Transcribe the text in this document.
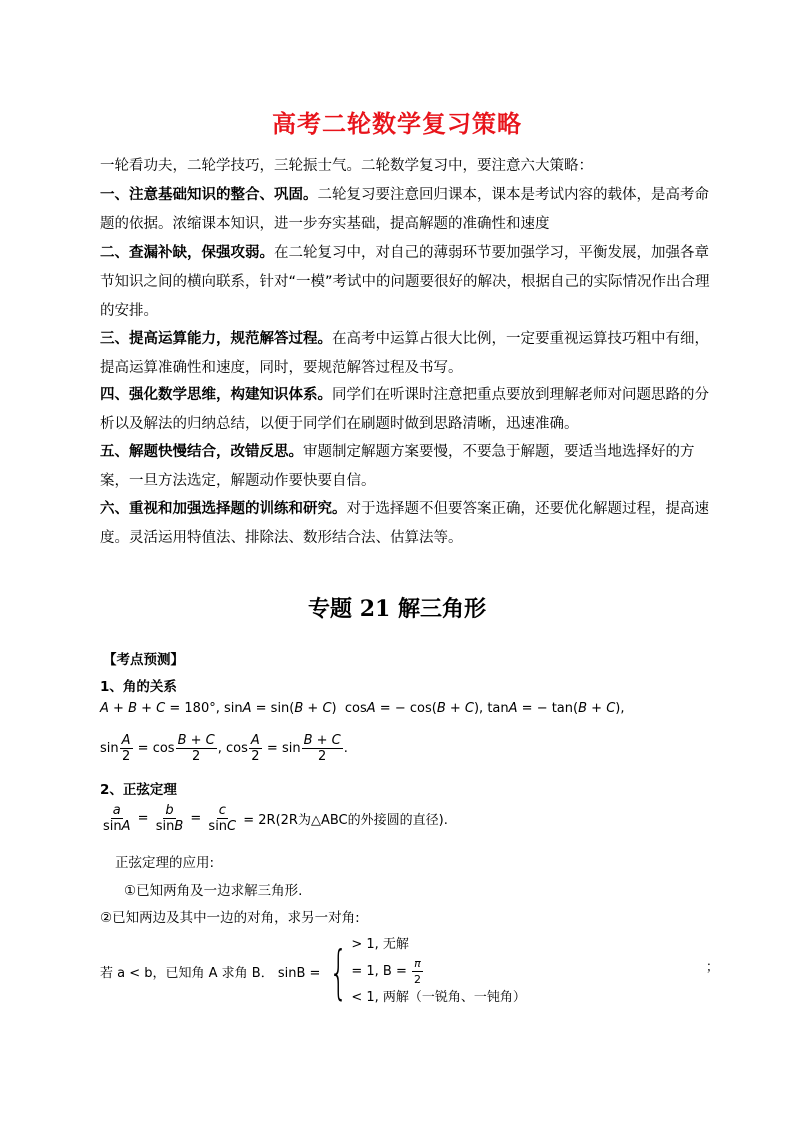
高考二轮数学复习策略
一轮看功夫，二轮学技巧，三轮振士气。二轮数学复习中，要注意六大策略：
一、注意基础知识的整合、巩固。二轮复习要注意回归课本，课本是考试内容的载体，是高考命题的依据。浓缩课本知识，进一步夯实基础，提高解题的准确性和速度
二、查漏补缺，保强攻弱。在二轮复习中，对自己的薄弱环节要加强学习，平衡发展，加强各章节知识之间的横向联系，针对“一模”考试中的问题要很好的解决，根据自己的实际情况作出合理的安排。
三、提高运算能力，规范解答过程。在高考中运算占很大比例，一定要重视运算技巧粗中有细，提高运算准确性和速度，同时，要规范解答过程及书写。
四、强化数学思维，构建知识体系。同学们在听课时注意把重点要放到理解老师对问题思路的分析以及解法的归纳总结，以便于同学们在刷题时做到思路清晰，迅速准确。
五、解题快慢结合，改错反思。审题制定解题方案要慢，不要急于解题，要适当地选择好的方案，一旦方法选定，解题动作要快要自信。
六、重视和加强选择题的训练和研究。对于选择题不但要答案正确，还要优化解题过程，提高速度。灵活运用特值法、排除法、数形结合法、估算法等。
专题 21 解三角形
【考点预测】
1、角的关系
A + B + C = 180°, sin A = sin( B + C )  cos A = − cos( B + C ), tan A = − tan( B + C ),
$\sin \frac{A}{2} = \cos \frac{B + C}{2}$ , $\cos \frac{A}{2} = \sin \frac{B + C}{2}$ .
2、正弦定理
$\frac{a}{\sin A} = \frac{b}{\sin B} = \frac{c}{\sin C}$
= 2R(2R为△ABC的外接圆的直径).
正弦定理的应用:
①已知两角及一边求解三角形.
②已知两边及其中一边的对角，求另一对角:
若 a < b，已知角 A 求角 B． sinB = { > 1, 无解
= 1, B =
$\frac{\pi}{2}$
< 1, 两解（一锐角、一钝角）
；
